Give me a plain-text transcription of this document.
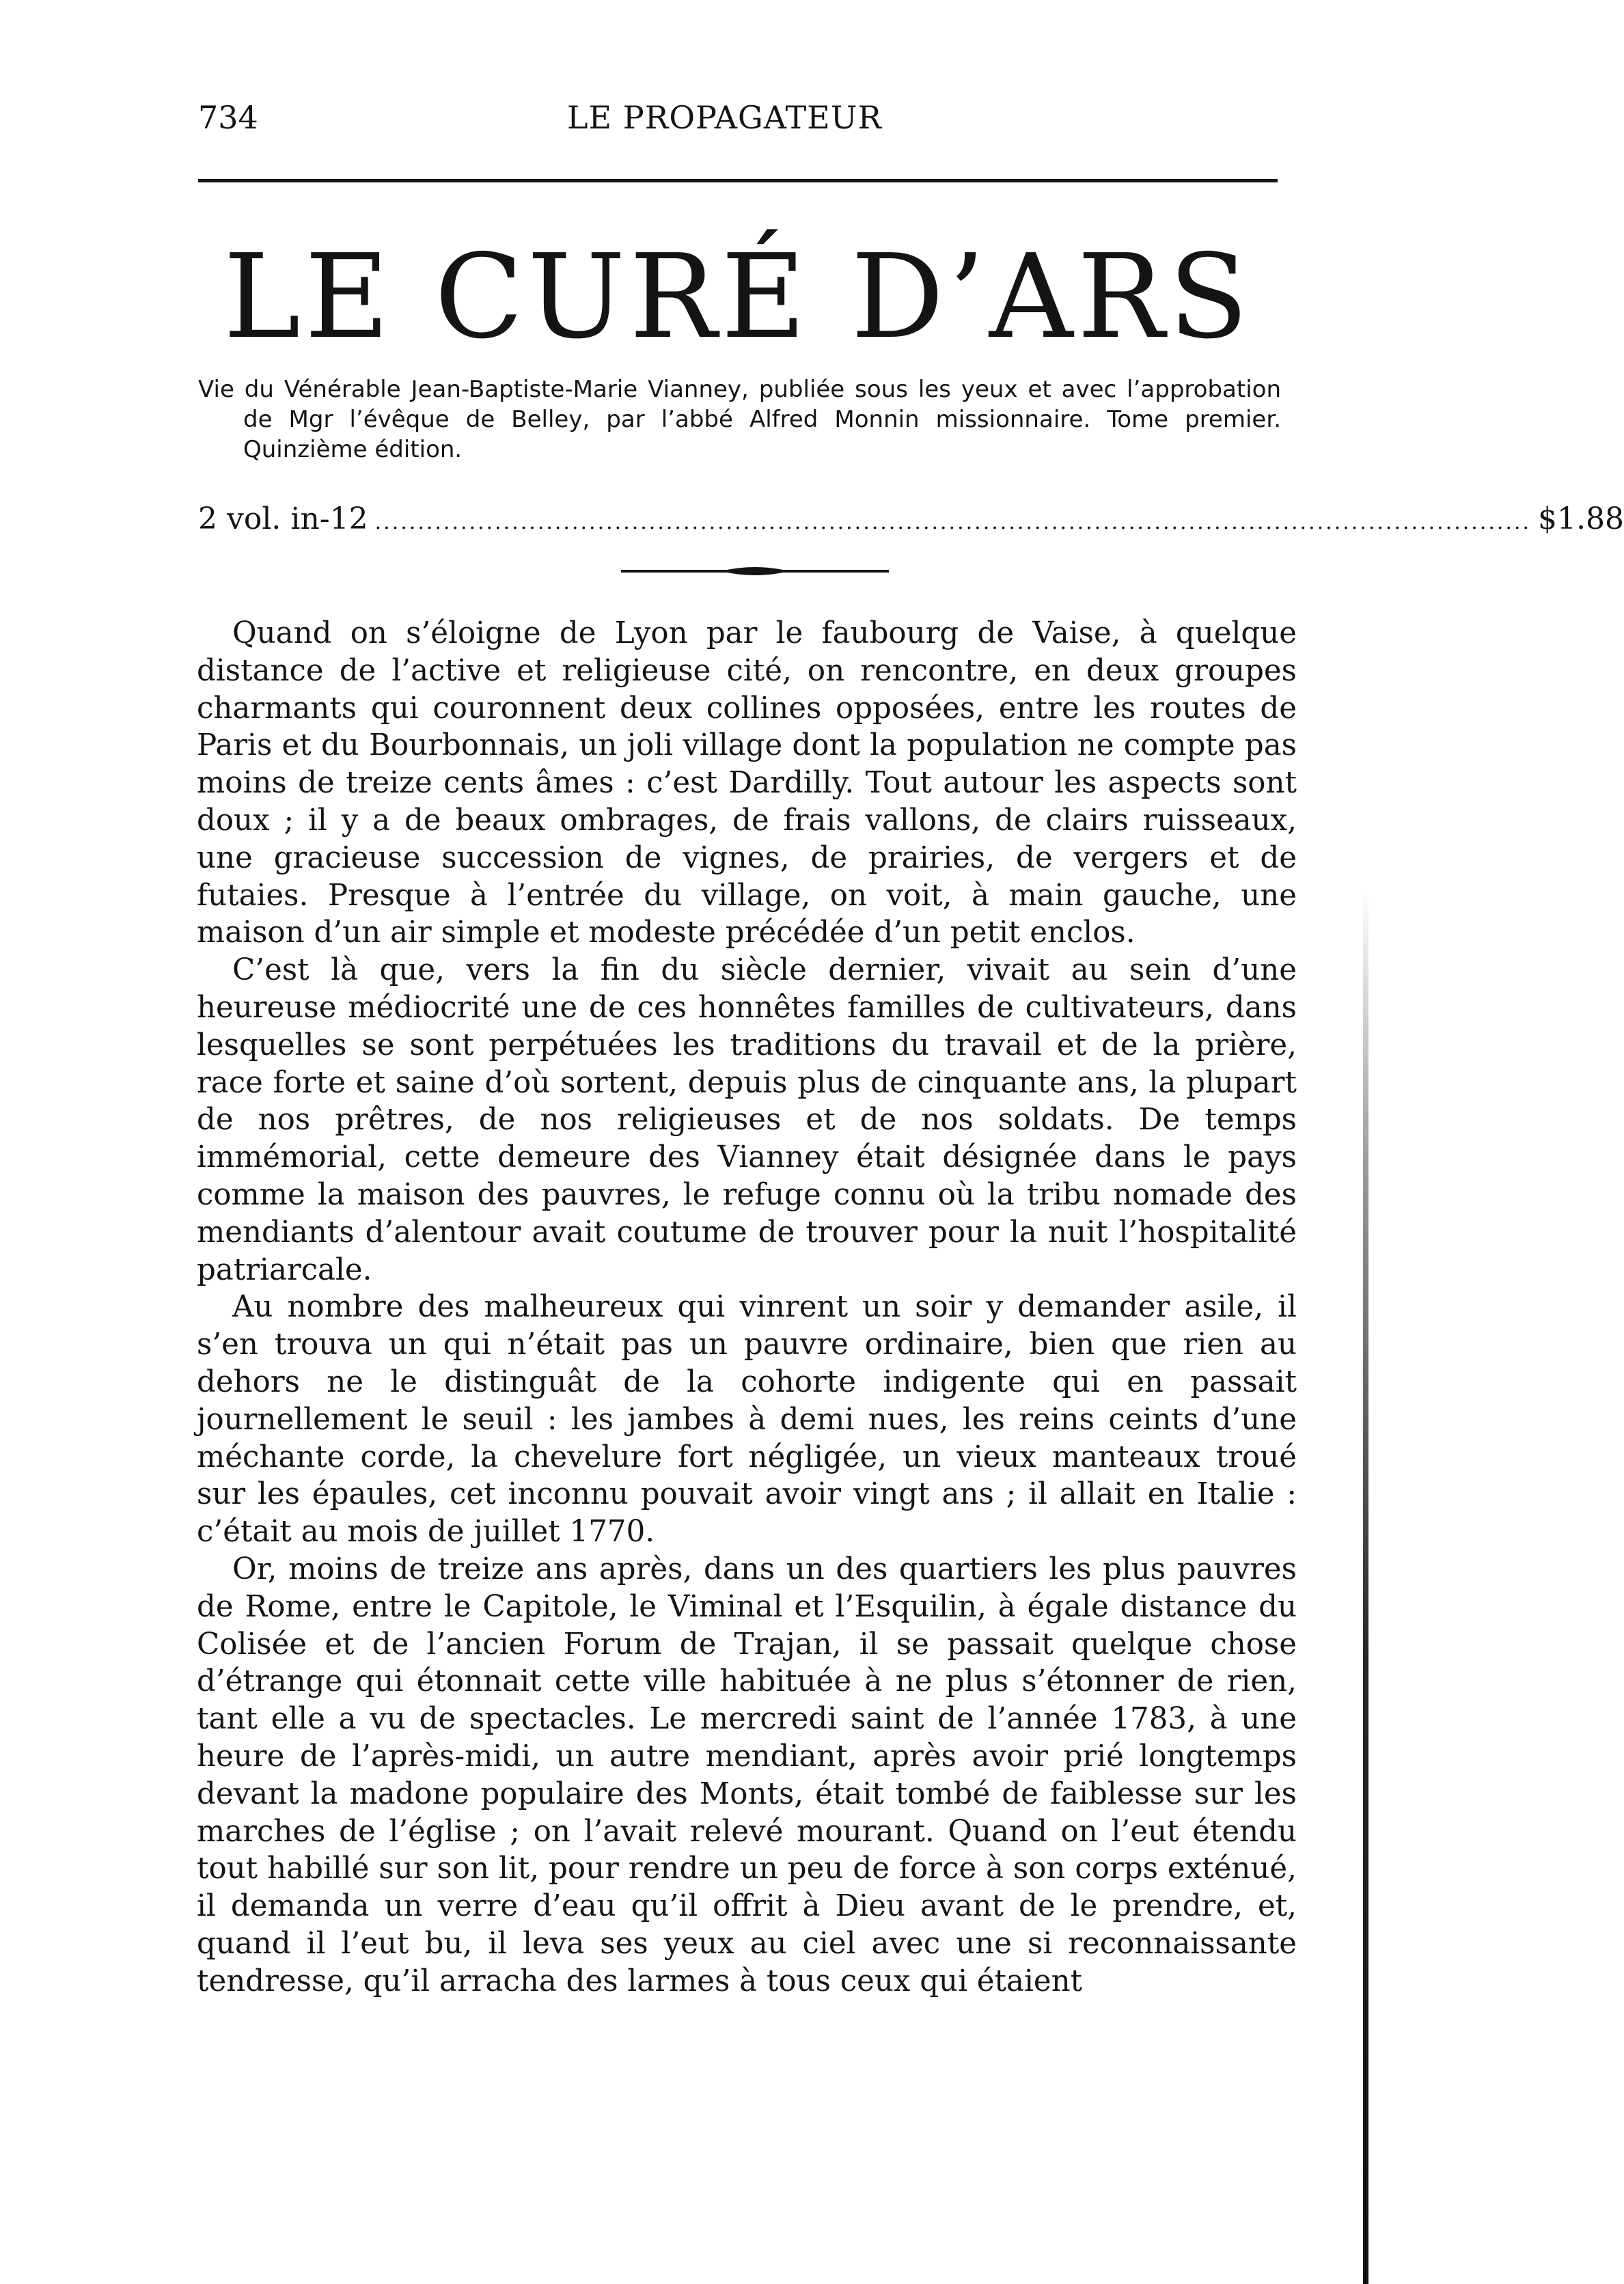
734	LE PROPAGATEUR
LE CURÉ D’ARS
Vie du Vénérable Jean-Baptiste-Marie Vianney, publiée sous les yeux et avec l’approbation de Mgr l’évêque de Belley, par l’abbé Alfred Monnin missionnaire. Tome premier. Quinzième édition.
2 vol. in-12 ....................................................................................................................................... $1.88

Quand on s’éloigne de Lyon par le faubourg de Vaise, à quelque distance de l’active et religieuse cité, on rencontre, en deux groupes charmants qui couronnent deux collines opposées, entre les routes de Paris et du Bourbonnais, un joli village dont la population ne compte pas moins de treize cents âmes : c’est Dardilly. Tout autour les aspects sont doux ; il y a de beaux ombrages, de frais vallons, de clairs ruisseaux, une gracieuse succession de vignes, de prairies, de vergers et de futaies. Presque à l’entrée du village, on voit, à main gauche, une maison d’un air simple et modeste précédée d’un petit enclos.

C’est là que, vers la fin du siècle dernier, vivait au sein d’une heureuse médiocrité une de ces honnêtes familles de cultivateurs, dans lesquelles se sont perpétuées les traditions du travail et de la prière, race forte et saine d’où sortent, depuis plus de cinquante ans, la plupart de nos prêtres, de nos religieuses et de nos soldats. De temps immémorial, cette demeure des Vianney était désignée dans le pays comme la maison des pauvres, le refuge connu où la tribu nomade des mendiants d’alentour avait coutume de trouver pour la nuit l’hospitalité patriarcale.

Au nombre des malheureux qui vinrent un soir y demander asile, il s’en trouva un qui n’était pas un pauvre ordinaire, bien que rien au dehors ne le distinguât de la cohorte indigente qui en passait journellement le seuil : les jambes à demi nues, les reins ceints d’une méchante corde, la chevelure fort négligée, un vieux manteaux troué sur les épaules, cet inconnu pouvait avoir vingt ans ; il allait en Italie : c’était au mois de juillet 1770.

Or, moins de treize ans après, dans un des quartiers les plus pauvres de Rome, entre le Capitole, le Viminal et l’Esquilin, à égale distance du Colisée et de l’ancien Forum de Trajan, il se passait quelque chose d’étrange qui étonnait cette ville habituée à ne plus s’étonner de rien, tant elle a vu de spectacles. Le mercredi saint de l’année 1783, à une heure de l’après-midi, un autre mendiant, après avoir prié longtemps devant la madone populaire des Monts, était tombé de faiblesse sur les marches de l’église ; on l’avait relevé mourant. Quand on l’eut étendu tout habillé sur son lit, pour rendre un peu de force à son corps exténué, il demanda un verre d’eau qu’il offrit à Dieu avant de le prendre, et, quand il l’eut bu, il leva ses yeux au ciel avec une si reconnaissante tendresse, qu’il arracha des larmes à tous ceux qui étaient
